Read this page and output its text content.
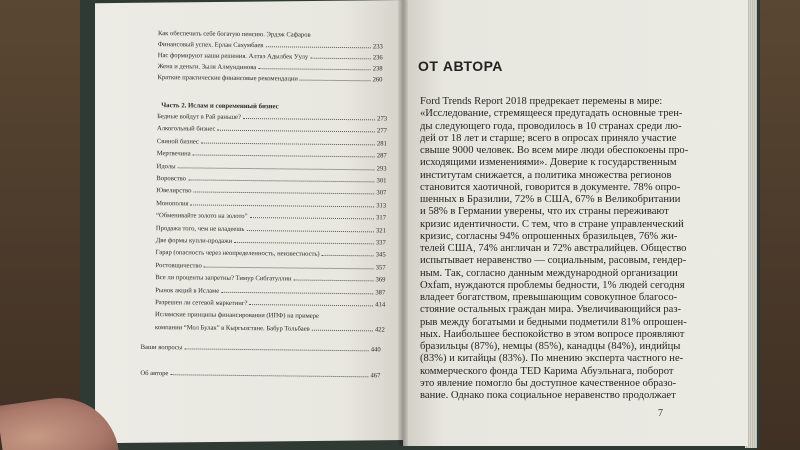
Как обеспечить себе богатую пенсию. Эрдэж Сафаров
Финансовый успех. Ерлан Сахумбаев	233
Нас формируют наши решения. Алтаэ Адылбек Уулу	236
Жена и деньги. Зыля Алмундинова	238
Краткие практические финансовые рекомендации	260
Часть 2. Ислам и современный бизнес
Бедные войдут в Рай раньше?	273
Алкогольный бизнес	277
Свиной бизнес	281
Мертвечина	287
Идолы	293
Воровство	301
Ювелирство	307
Монополия	313
“Обменивайте золото на золото”	317
Продажа того, чем не владеешь	321
Две формы купли-продажи	337
Гарар (опасность через неопределенность, неизвестность)	345
Ростовщичество	357
Все ли проценты запретны? Тимур Сибгатуллин	369
Рынок акций в Исламе	387
Разрешен ли сетевой маркетинг?	414
Исламские принципы финансирования (ИПФ) на примере
компании “Мол Булак” в Кыргызстане. Бабур Тольбаев	422
Ваши вопросы	440
Об авторе	467
ОТ АВТОРА
Ford Trends Report 2018 предрекает перемены в мире:
«Исследование, стремящееся предугадать основные трен-
ды следующего года, проводилось в 10 странах среди лю-
дей от 18 лет и старше; всего в опросах приняло участие
свыше 9000 человек. Во всем мире люди обеспокоены про-
исходящими изменениями». Доверие к государственным
институтам снижается, а политика множества регионов
становится хаотичной, говорится в документе. 78% опро-
шенных в Бразилии, 72% в США, 67% в Великобритании
и 58% в Германии уверены, что их страны переживают
кризис идентичности. С тем, что в стране управленческий
кризис, согласны 94% опрошенных бразильцев, 76% жи-
телей США, 74% англичан и 72% австралийцев. Общество
испытывает неравенство — социальным, расовым, гендер-
ным. Так, согласно данным международной организации
Oxfam, нуждаются проблемы бедности, 1% людей сегодня
владеет богатством, превышающим совокупное благосо-
стояние остальных граждан мира. Увеличивающийся раз-
рыв между богатыми и бедными подметили 81% опрошен-
ных. Наибольшее беспокойство в этом вопросе проявляют
бразильцы (87%), немцы (85%), канадцы (84%), индийцы
(83%) и китайцы (83%). По мнению эксперта частного не-
коммерческого фонда TED Карима Абуэльнага, поборот
это явление помогло бы доступное качественное образо-
вание. Однако пока социальное неравенство продолжает
7
